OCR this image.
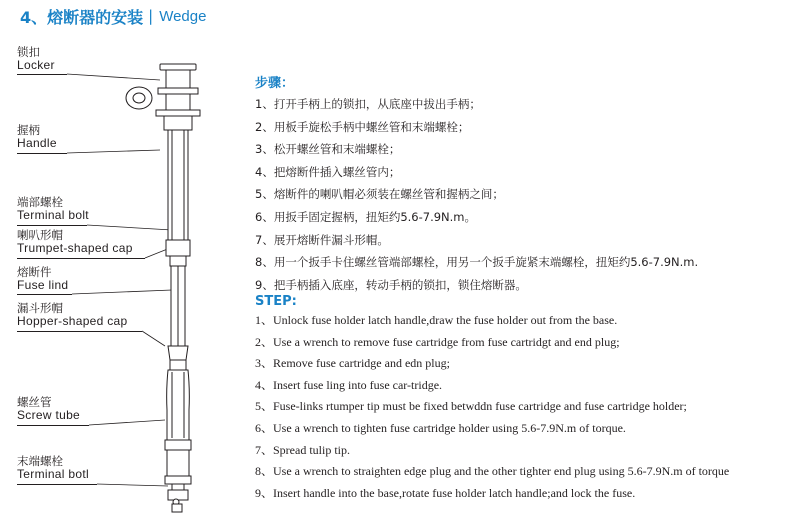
4、熔断器的安装 | Wedge
锁扣
Locker
握柄
Handle
端部螺栓
Terminal bolt
喇叭形帽
Trumpet-shaped cap
熔断件
Fuse lind
漏斗形帽
Hopper-shaped cap
螺丝管
Screw tube
末端螺栓
Terminal botl
步骤：
1、打开手柄上的锁扣，从底座中拔出手柄；
2、用板手旋松手柄中螺丝管和末端螺栓；
3、松开螺丝管和末端螺栓；
4、把熔断件插入螺丝管内；
5、熔断件的喇叭帽必须装在螺丝管和握柄之间；
6、用扳手固定握柄，扭矩约5.6-7.9N.m。
7、展开熔断件漏斗形帽。
8、用一个扳手卡住螺丝管端部螺栓，用另一个扳手旋紧末端螺栓，扭矩约5.6-7.9N.m.
9、把手柄插入底座，转动手柄的锁扣，锁住熔断器。
STEP:
1、Unlock fuse holder latch handle,draw the fuse holder out from the base.
2、Use a wrench to remove fuse cartridge from fuse cartridgt and end plug;
3、Remove fuse cartridge and edn plug;
4、Insert fuse ling into fuse car-tridge.
5、Fuse-links rtumper tip must be fixed betwddn fuse cartridge and fuse cartridge holder;
6、Use a wrench to tighten fuse cartridge holder using 5.6-7.9N.m of torque.
7、Spread tulip tip.
8、Use a wrench to straighten edge plug and the other tighter end plug using 5.6-7.9N.m of torque
9、Insert handle into the base,rotate fuse holder latch handle;and lock the fuse.
